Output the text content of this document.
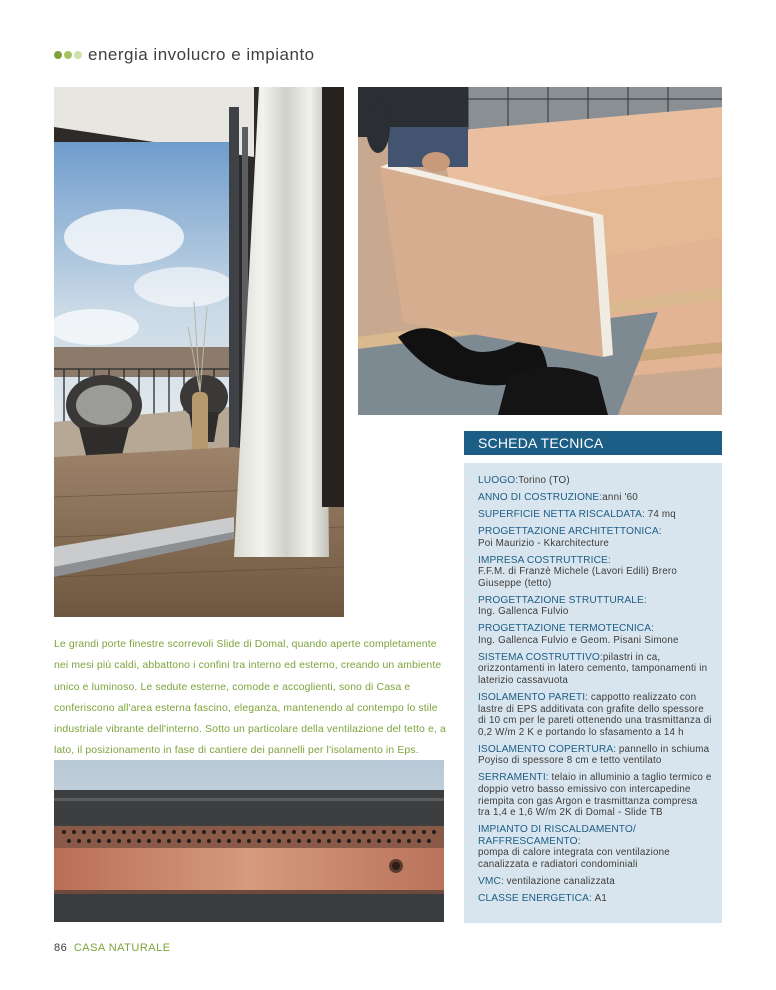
energia involucro e impianto
Le grandi porte finestre scorrevoli Slide di Domal, quando aperte completamente nei mesi più caldi, abbattono i confini tra interno ed esterno, creando un ambiente unico e luminoso. Le sedute esterne, comode e accoglienti, sono di Casa e conferiscono all'area esterna fascino, eleganza, mantenendo al contempo lo stile industriale vibrante dell'interno. Sotto un particolare della ventilazione del tetto e, a lato, il posizionamento in fase di cantiere dei pannelli per l'isolamento in Eps.
SCHEDA TECNICA
LUOGO:Torino (TO)
ANNO DI COSTRUZIONE:anni '60
SUPERFICIE NETTA RISCALDATA: 74 mq
PROGETTAZIONE ARCHITETTONICA:
Poi Maurizio - Kkarchitecture
IMPRESA COSTRUTTRICE:
F.F.M. di Franzè Michele (Lavori Edili) Brero Giuseppe (tetto)
PROGETTAZIONE STRUTTURALE:
Ing. Gallenca Fulvio
PROGETTAZIONE TERMOTECNICA:
Ing. Gallenca Fulvio e Geom. Pisani Simone
SISTEMA COSTRUTTIVO:pilastri in ca, orizzontamenti in latero cemento, tamponamenti in laterizio cassavuota
ISOLAMENTO PARETI: cappotto realizzato con lastre di EPS additivata con grafite dello spessore di 10 cm per le pareti ottenendo una trasmittanza di 0,2 W/m 2 K e portando lo sfasamento a 14 h
ISOLAMENTO COPERTURA: pannello in schiuma Poyiso di spessore 8 cm e tetto ventilato
SERRAMENTI: telaio in alluminio a taglio termico e doppio vetro basso emissivo con intercapedine riempita con gas Argon e trasmittanza compresa tra 1,4 e 1,6 W/m 2K di Domal - Slide TB
IMPIANTO DI RISCALDAMENTO/ RAFFRESCAMENTO:
pompa di calore integrata con ventilazione canalizzata e radiatori condominiali
VMC: ventilazione canalizzata
CLASSE ENERGETICA: A1
86 CASA NATURALE
